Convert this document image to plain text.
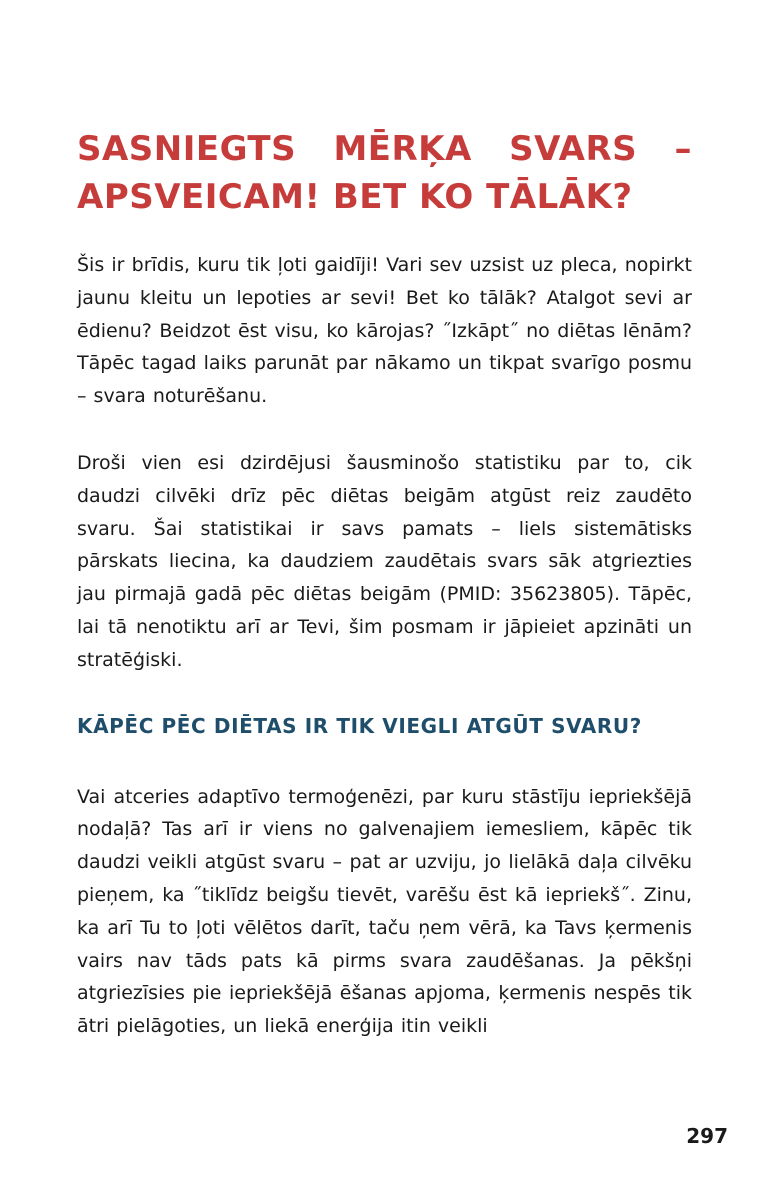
SASNIEGTS MĒRĶA SVARS – APSVEICAM! BET KO TĀLĀK?

Šis ir brīdis, kuru tik ļoti gaidīji! Vari sev uzsist uz pleca, nopirkt jaunu kleitu un lepoties ar sevi! Bet ko tālāk? Atalgot sevi ar ēdienu? Beidzot ēst visu, ko kārojas? ˝Izkāpt˝ no diētas lēnām? Tāpēc tagad laiks parunāt par nākamo un tikpat svarīgo posmu – svara noturēšanu.

Droši vien esi dzirdējusi šausminošo statistiku par to, cik daudzi cilvēki drīz pēc diētas beigām atgūst reiz zaudēto svaru. Šai statistikai ir savs pamats – liels sistemātisks pārskats liecina, ka daudziem zaudētais svars sāk atgriezties jau pirmajā gadā pēc diētas beigām (PMID: 35623805). Tāpēc, lai tā nenotiktu arī ar Tevi, šim posmam ir jāpieiet apzināti un stratēģiski.

KĀPĒC PĒC DIĒTAS IR TIK VIEGLI ATGŪT SVARU?

Vai atceries adaptīvo termoģenēzi, par kuru stāstīju iepriekšējā nodaļā? Tas arī ir viens no galvenajiem iemesliem, kāpēc tik daudzi veikli atgūst svaru – pat ar uzviju, jo lielākā daļa cilvēku pieņem, ka ˝tiklīdz beigšu tievēt, varēšu ēst kā iepriekš˝. Zinu, ka arī Tu to ļoti vēlētos darīt, taču ņem vērā, ka Tavs ķermenis vairs nav tāds pats kā pirms svara zaudēšanas. Ja pēkšņi atgriezīsies pie iepriekšējā ēšanas apjoma, ķermenis nespēs tik ātri pielāgoties, un liekā enerģija itin veikli

297
